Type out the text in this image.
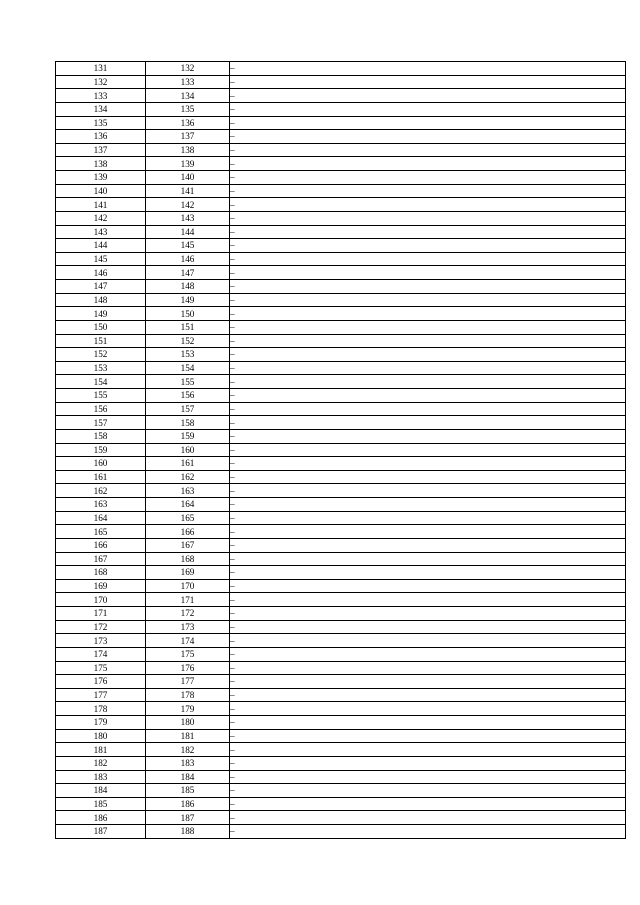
131	132	–
132	133	–
133	134	–
134	135	–
135	136	–
136	137	–
137	138	–
138	139	–
139	140	–
140	141	–
141	142	–
142	143	–
143	144	–
144	145	–
145	146	–
146	147	–
147	148	–
148	149	–
149	150	–
150	151	–
151	152	–
152	153	–
153	154	–
154	155	–
155	156	–
156	157	–
157	158	–
158	159	–
159	160	–
160	161	–
161	162	–
162	163	–
163	164	–
164	165	–
165	166	–
166	167	–
167	168	–
168	169	–
169	170	–
170	171	–
171	172	–
172	173	–
173	174	–
174	175	–
175	176	–
176	177	–
177	178	–
178	179	–
179	180	–
180	181	–
181	182	–
182	183	–
183	184	–
184	185	–
185	186	–
186	187	–
187	188	–
